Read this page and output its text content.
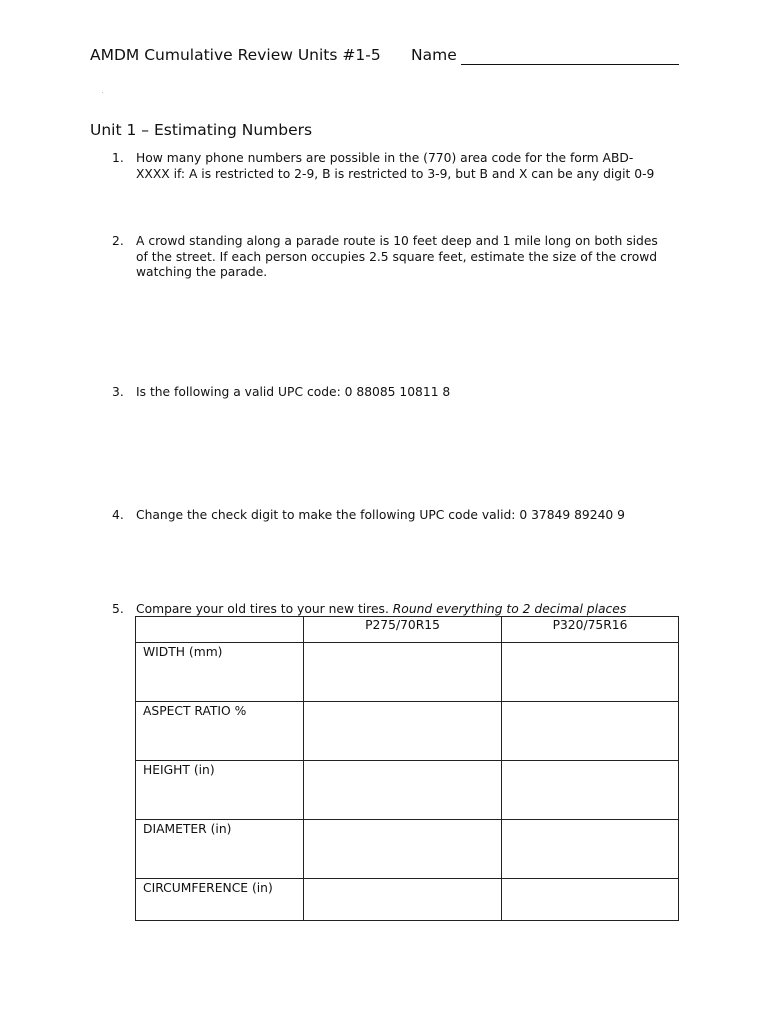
AMDM Cumulative Review Units #1-5 Name
Unit 1 – Estimating Numbers
1. How many phone numbers are possible in the (770) area code for the form ABD-
XXXX if: A is restricted to 2-9, B is restricted to 3-9, but B and X can be any digit 0-9
2. A crowd standing along a parade route is 10 feet deep and 1 mile long on both sides
of the street. If each person occupies 2.5 square feet, estimate the size of the crowd
watching the parade.
3. Is the following a valid UPC code: 0 88085 10811 8
4. Change the check digit to make the following UPC code valid: 0 37849 89240 9
5. Compare your old tires to your new tires. Round everything to 2 decimal places
	P275/70R15	P320/75R16
WIDTH (mm)		
ASPECT RATIO %		
HEIGHT (in)		
DIAMETER (in)		
CIRCUMFERENCE (in)		
